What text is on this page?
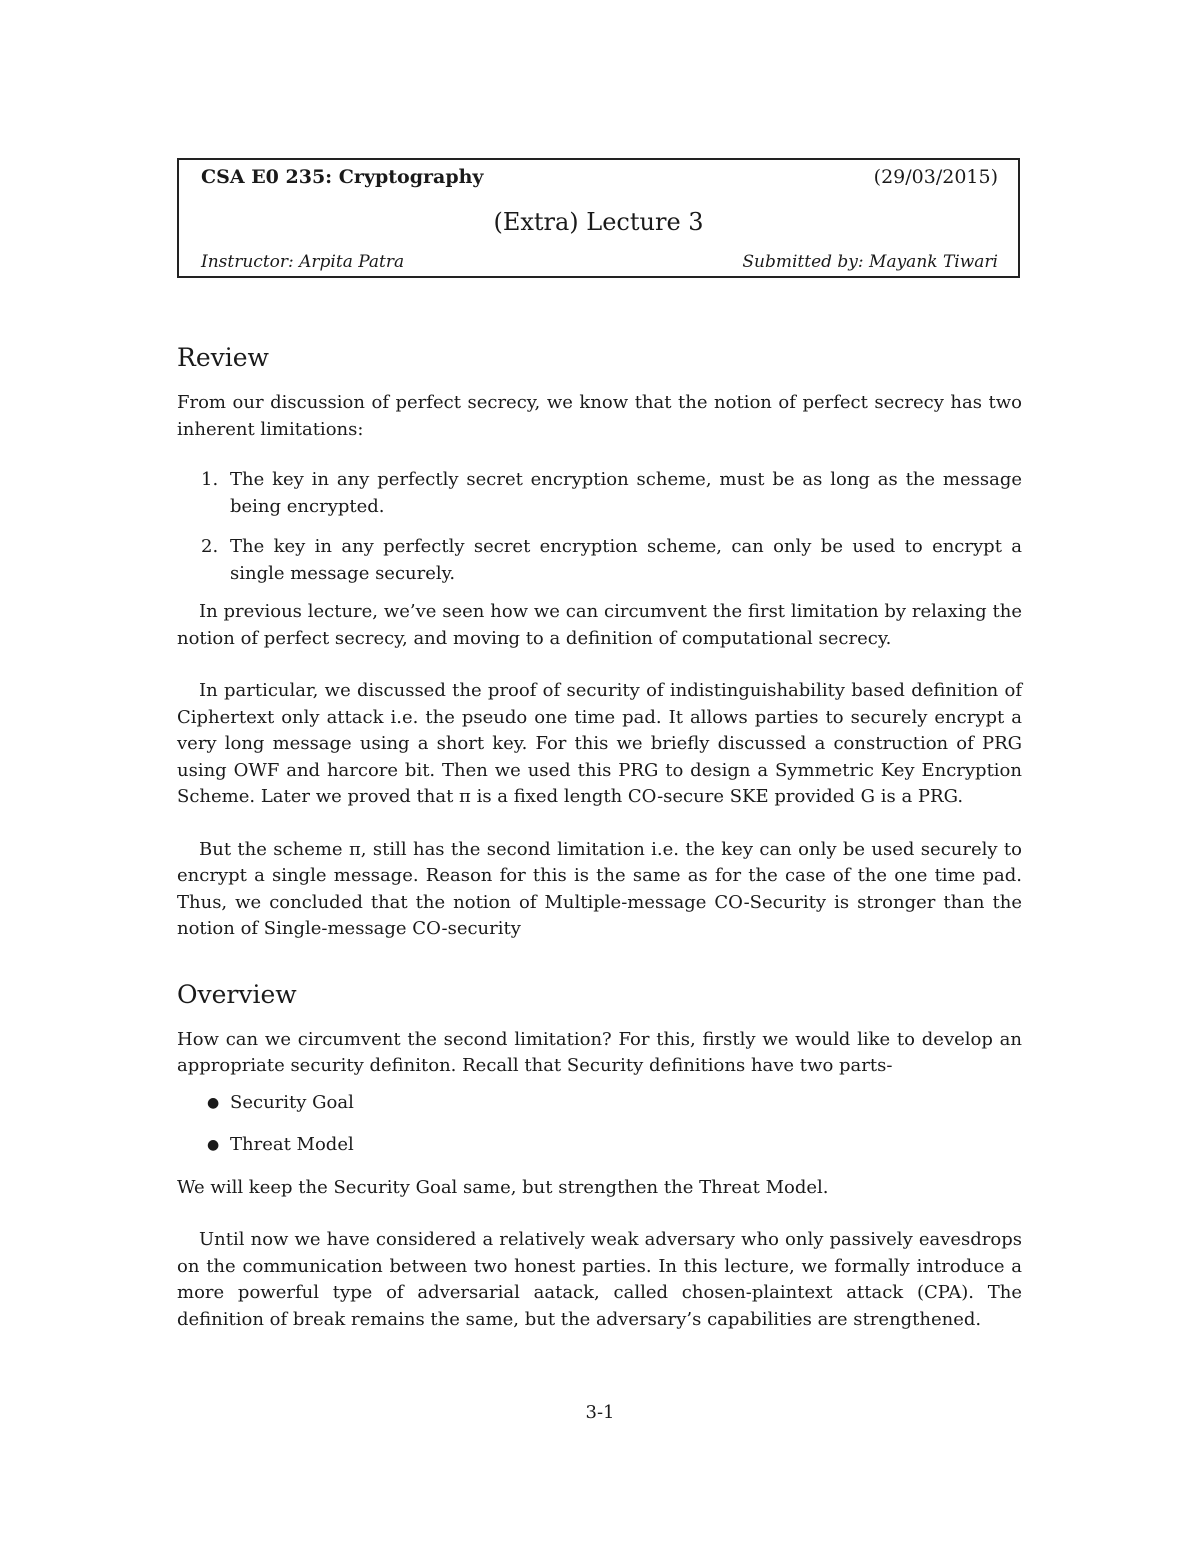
CSA E0 235: Cryptography	(29/03/2015)
(Extra) Lecture 3
Instructor: Arpita Patra	Submitted by: Mayank Tiwari
Review

From our discussion of perfect secrecy, we know that the notion of perfect secrecy has two inherent limitations:

1. The key in any perfectly secret encryption scheme, must be as long as the message being encrypted.
2. The key in any perfectly secret encryption scheme, can only be used to encrypt a single message securely.

In previous lecture, we’ve seen how we can circumvent the first limitation by relaxing the notion of perfect secrecy, and moving to a definition of computational secrecy.

In particular, we discussed the proof of security of indistinguishability based definition of Ciphertext only attack i.e. the pseudo one time pad. It allows parties to securely encrypt a very long message using a short key. For this we briefly discussed a construction of PRG using OWF and harcore bit. Then we used this PRG to design a Symmetric Key Encryption Scheme. Later we proved that π is a fixed length CO-secure SKE provided G is a PRG.

But the scheme π, still has the second limitation i.e. the key can only be used securely to encrypt a single message. Reason for this is the same as for the case of the one time pad. Thus, we concluded that the notion of Multiple-message CO-Security is stronger than the notion of Single-message CO-security

Overview

How can we circumvent the second limitation? For this, firstly we would like to develop an appropriate security definiton. Recall that Security definitions have two parts-

● Security Goal
● Threat Model

We will keep the Security Goal same, but strengthen the Threat Model.

Until now we have considered a relatively weak adversary who only passively eavesdrops on the communication between two honest parties. In this lecture, we formally introduce a more powerful type of adversarial aatack, called chosen-plaintext attack (CPA). The definition of break remains the same, but the adversary’s capabilities are strengthened.

3-1
